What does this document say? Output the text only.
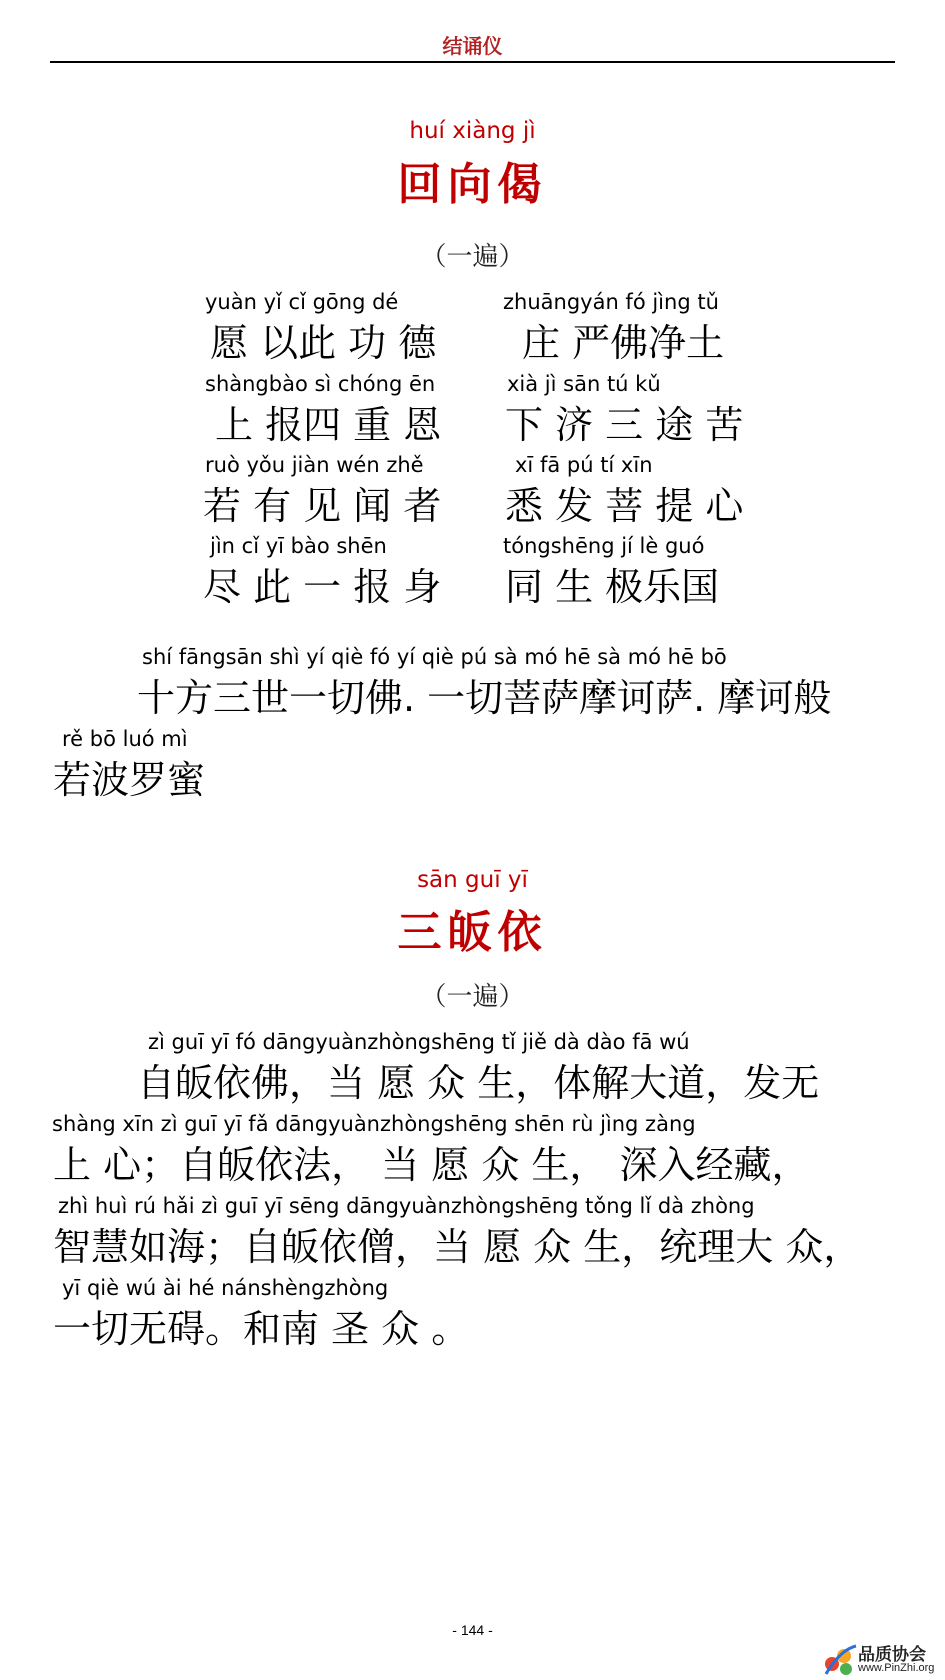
结诵仪
huí xiàng jì
回向偈
（一遍）
yuàn yǐ cǐ gōng dé
愿 以此 功 德
zhuāngyán fó jìng tǔ
庄 严佛净土
shàngbào sì chóng ēn
上 报四 重 恩
xià jì sān tú kǔ
下 济 三 途 苦
ruò yǒu jiàn wén zhě
若 有 见 闻 者
xī fā pú tí xīn
悉 发 菩 提 心
jìn cǐ yī bào shēn
尽 此 一 报 身
tóngshēng jí lè guó
同 生 极乐国
shí fāngsān shì yí qiè fó yí qiè pú sà mó hē sà mó hē bō
十方三世一切佛. 一切菩萨摩诃萨. 摩诃般
rě bō luó mì
若波罗蜜
sān guī yī
三皈依
（一遍）
zì guī yī fó dāngyuànzhòngshēng tǐ jiě dà dào fā wú
自皈依佛，当 愿 众 生，体解大道，发无
shàng xīn zì guī yī fǎ dāngyuànzhòngshēng shēn rù jìng zàng
上 心；自皈依法， 当 愿 众 生， 深入经藏，
zhì huì rú hǎi zì guī yī sēng dāngyuànzhòngshēng tǒng lǐ dà zhòng
智慧如海；自皈依僧，当 愿 众 生，统理大 众，
yī qiè wú ài hé nánshèngzhòng
一切无碍。和南 圣 众 。
- 144 -
品质协会
www.PinZhi.org
